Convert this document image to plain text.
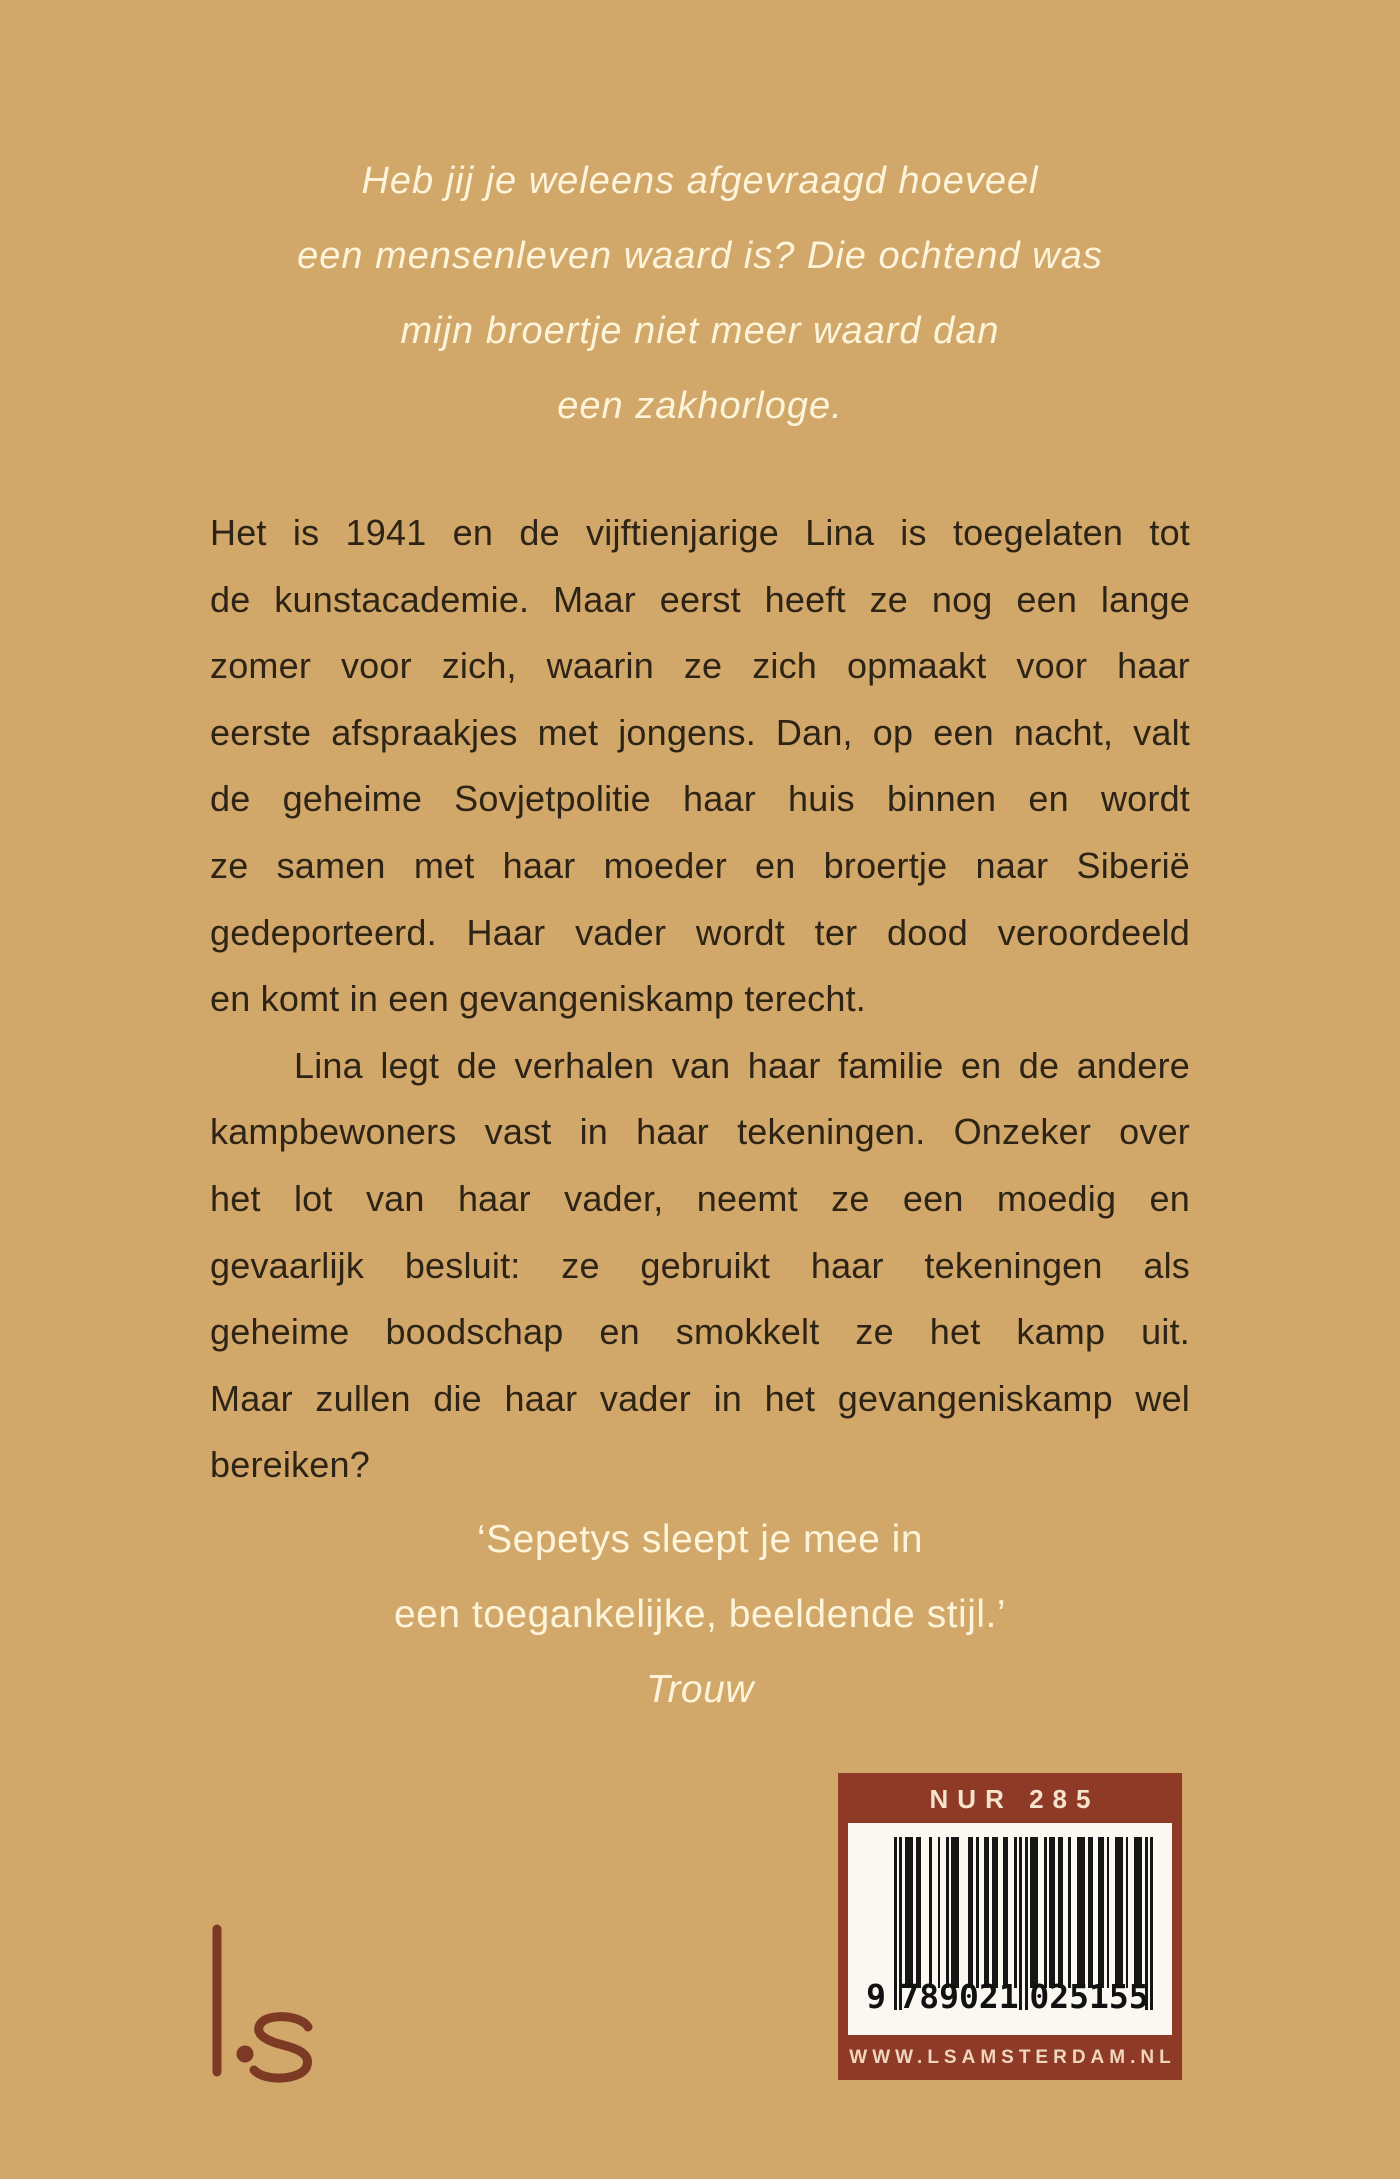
Heb jij je weleens afgevraagd hoeveel
een mensenleven waard is? Die ochtend was
mijn broertje niet meer waard dan
een zakhorloge.
Het is 1941 en de vijftienjarige Lina is toegelaten tot
de kunstacademie. Maar eerst heeft ze nog een lange
zomer voor zich, waarin ze zich opmaakt voor haar
eerste afspraakjes met jongens. Dan, op een nacht, valt
de geheime Sovjetpolitie haar huis binnen en wordt
ze samen met haar moeder en broertje naar Siberië
gedeporteerd. Haar vader wordt ter dood veroordeeld
en komt in een gevangeniskamp terecht.
Lina legt de verhalen van haar familie en de andere
kampbewoners vast in haar tekeningen. Onzeker over
het lot van haar vader, neemt ze een moedig en
gevaarlijk besluit: ze gebruikt haar tekeningen als
geheime boodschap en smokkelt ze het kamp uit.
Maar zullen die haar vader in het gevangeniskamp wel
bereiken?
‘Sepetys sleept je mee in
een toegankelijke, beeldende stijl.’
Trouw
NUR 285
9 789021 025155
WWW.LSAMSTERDAM.NL
